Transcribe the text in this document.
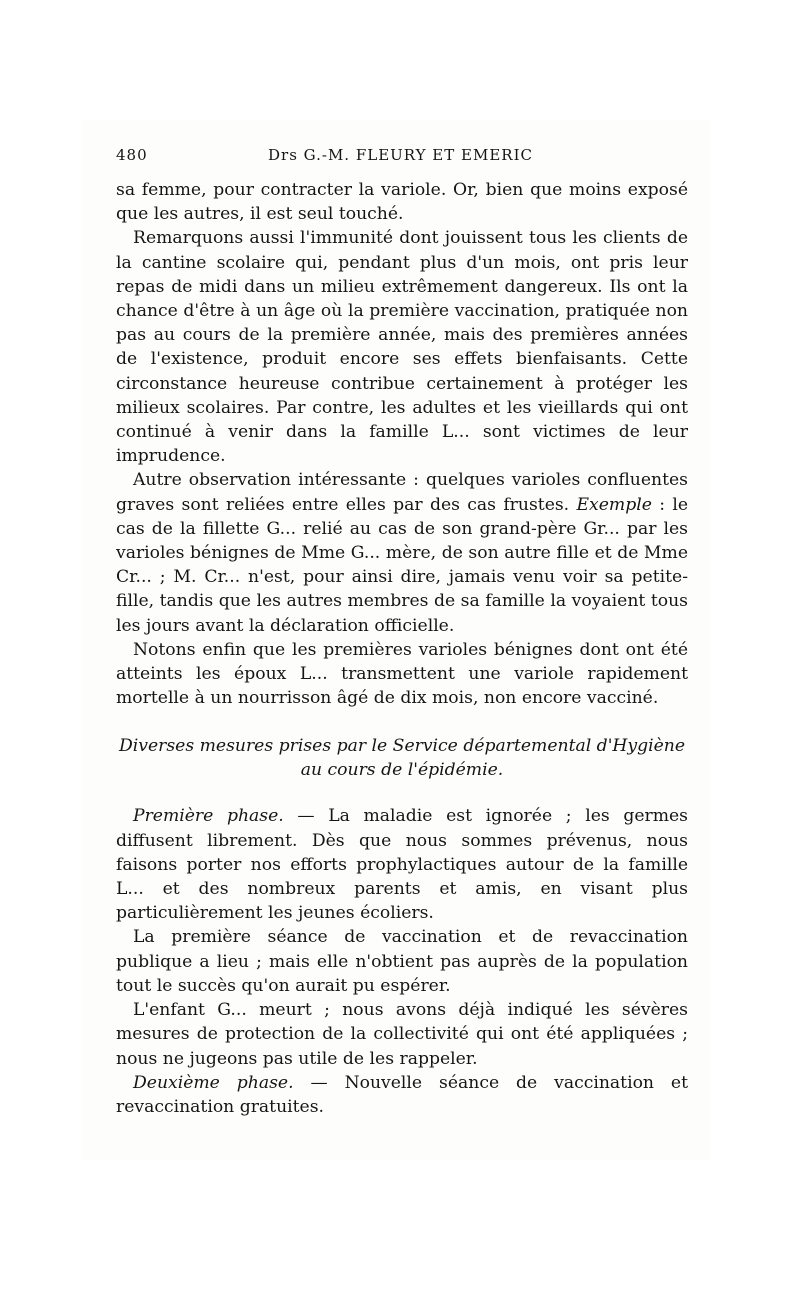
480	Drs G.-M. FLEURY ET EMERIC

sa femme, pour contracter la variole. Or, bien que moins exposé que les autres, il est seul touché.

Remarquons aussi l'immunité dont jouissent tous les clients de la cantine scolaire qui, pendant plus d'un mois, ont pris leur repas de midi dans un milieu extrêmement dangereux. Ils ont la chance d'être à un âge où la première vaccination, pratiquée non pas au cours de la première année, mais des premières années de l'existence, produit encore ses effets bienfaisants. Cette circonstance heureuse contribue certainement à protéger les milieux scolaires. Par contre, les adultes et les vieillards qui ont continué à venir dans la famille L... sont victimes de leur imprudence.

Autre observation intéressante : quelques varioles confluentes graves sont reliées entre elles par des cas frustes. Exemple : le cas de la fillette G... relié au cas de son grand-père Gr... par les varioles bénignes de Mme G... mère, de son autre fille et de Mme Cr... ; M. Cr... n'est, pour ainsi dire, jamais venu voir sa petite-fille, tandis que les autres membres de sa famille la voyaient tous les jours avant la déclaration officielle.

Notons enfin que les premières varioles bénignes dont ont été atteints les époux L... transmettent une variole rapidement mortelle à un nourrisson âgé de dix mois, non encore vacciné.

Diverses mesures prises par le Service départemental d'Hygiène
au cours de l'épidémie.

Première phase. — La maladie est ignorée ; les germes diffusent librement. Dès que nous sommes prévenus, nous faisons porter nos efforts prophylactiques autour de la famille L... et des nombreux parents et amis, en visant plus particulièrement les jeunes écoliers.

La première séance de vaccination et de revaccination publique a lieu ; mais elle n'obtient pas auprès de la population tout le succès qu'on aurait pu espérer.

L'enfant G... meurt ; nous avons déjà indiqué les sévères mesures de protection de la collectivité qui ont été appliquées ; nous ne jugeons pas utile de les rappeler.

Deuxième phase. — Nouvelle séance de vaccination et revaccination gratuites.
